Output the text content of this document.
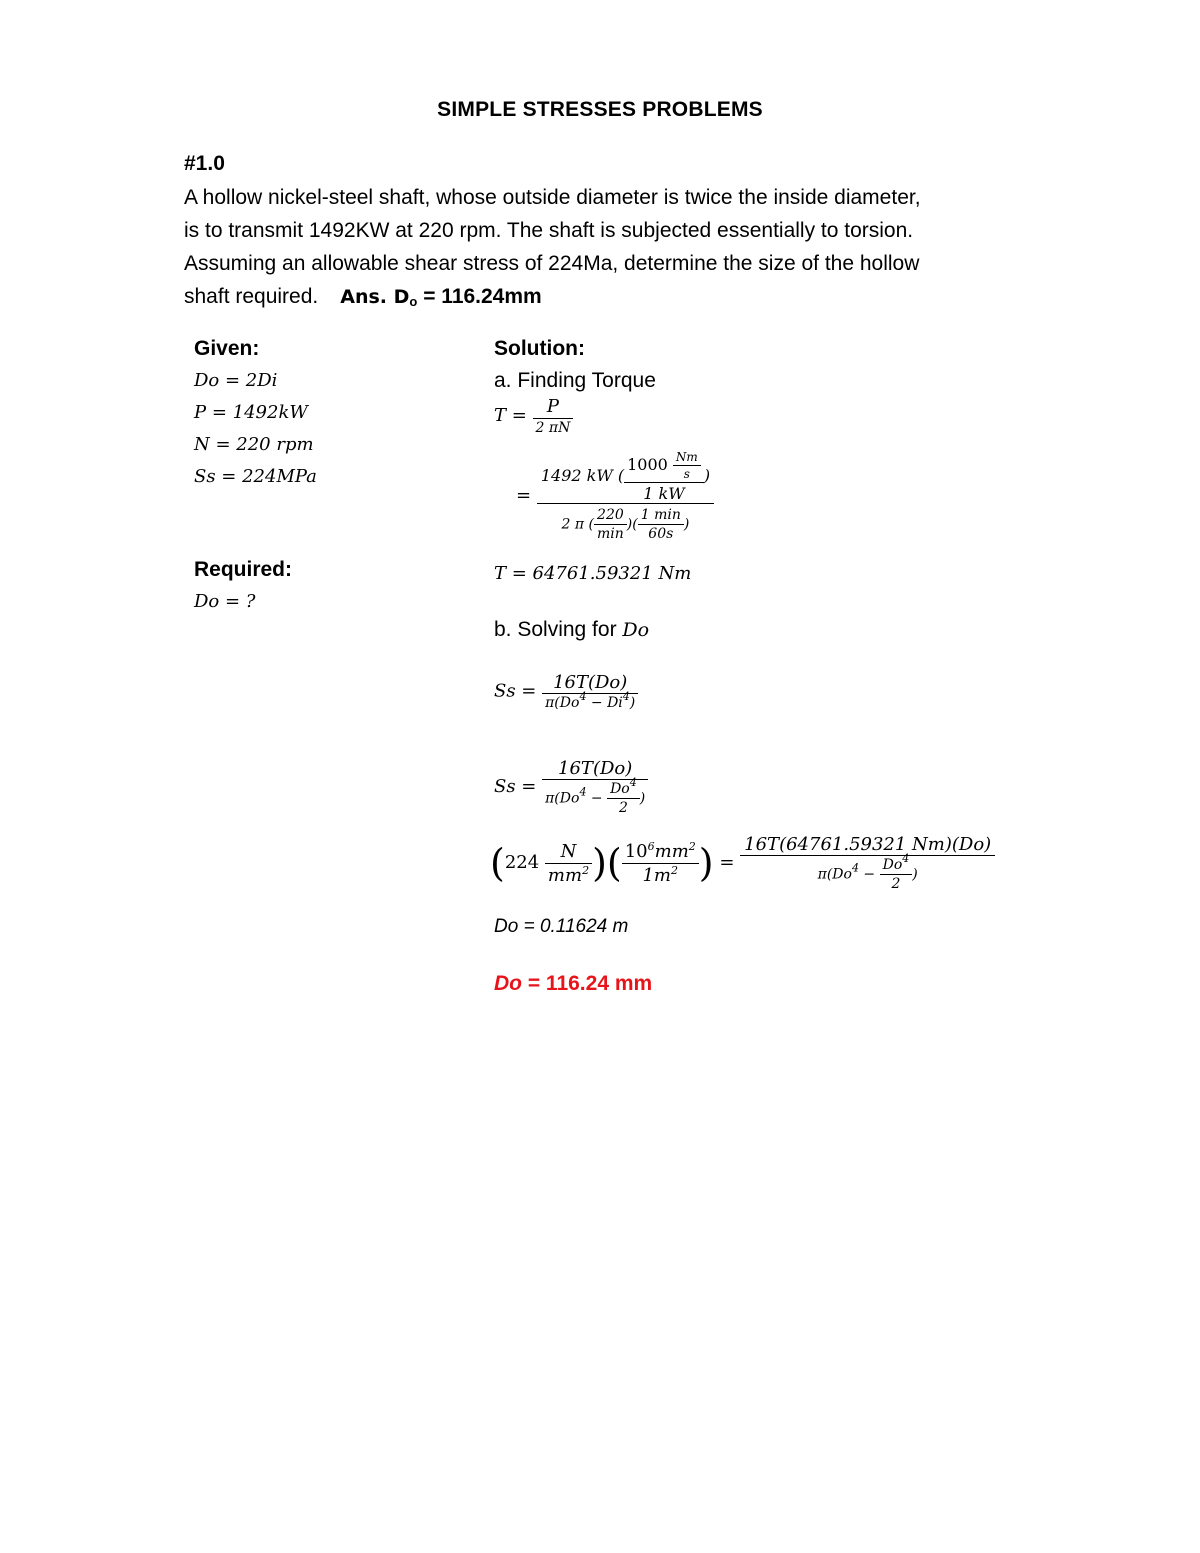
SIMPLE STRESSES PROBLEMS
#1.0
A hollow nickel-steel shaft, whose outside diameter is twice the inside diameter,
is to transmit 1492KW at 220 rpm. The shaft is subjected essentially to torsion.
Assuming an allowable shear stress of 224Ma, determine the size of the hollow
shaft required. Ans. $D_o = 116.24mm$
Given:
Do = 2Di
P = 1492kW
N = 220 rpm
Ss = 224MPa
Required:
Do = ?
Solution:
a. Finding Torque
$T = \frac{P}{2 \pi N}$
= $\frac{1492 kW ( \frac{1000 \frac{Nm}{s}}{1 kW} )}{2 \pi ( \frac{220}{\min} )( \frac{1 \min}{60s} )}$
T = 64761.59321 Nm
b. Solving for Do
$Ss = \frac{16T(Do)}{\pi(Do^4 - Di^4)}$
$Ss = \frac{16T(Do)}{\pi(Do^4 - \frac{Do^4}{2} )}$
($224 \frac{N}{mm^2}$ )( $\frac{10^6mm^2}{1m^2}$ ) = $\frac{16T(64761.59321 Nm)(Do)}{\pi(Do^4 - \frac{Do^4}{2} )}$
Do = 0.11624 m
Do = 116.24 mm
